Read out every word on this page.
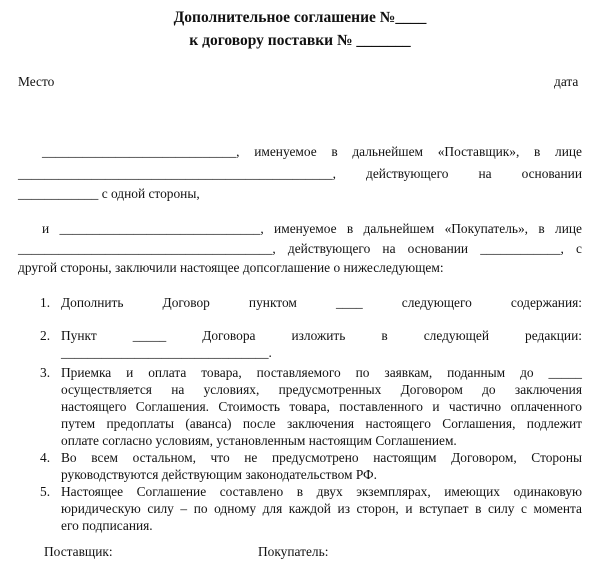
Дополнительное соглашение №____
к договору поставки № _______
Место	дата
_____________________________, именуемое в дальнейшем «Поставщик», в лице
_______________________________________________, действующего на основании
____________ с одной стороны,
и ______________________________, именуемое в дальнейшем «Покупатель», в лице
______________________________________, действующего на основании ____________, с
другой стороны, заключили настоящее допсоглашение о нижеследующем:
1. Дополнить Договор пунктом ____ следующего содержания:
2. Пункт _____ Договора изложить в следующей редакции:
_______________________________.
3. Приемка и оплата товара, поставляемого по заявкам, поданным до _____
осуществляется на условиях, предусмотренных Договором до заключения
настоящего Соглашения. Стоимость товара, поставленного и частично оплаченного
путем предоплаты (аванса) после заключения настоящего Соглашения, подлежит
оплате согласно условиям, установленным настоящим Соглашением.
4. Во всем остальном, что не предусмотрено настоящим Договором, Стороны
руководствуются действующим законодательством РФ.
5. Настоящее Соглашение составлено в двух экземплярах, имеющих одинаковую
юридическую силу – по одному для каждой из сторон, и вступает в силу с момента
его подписания.
Поставщик:	Покупатель:
